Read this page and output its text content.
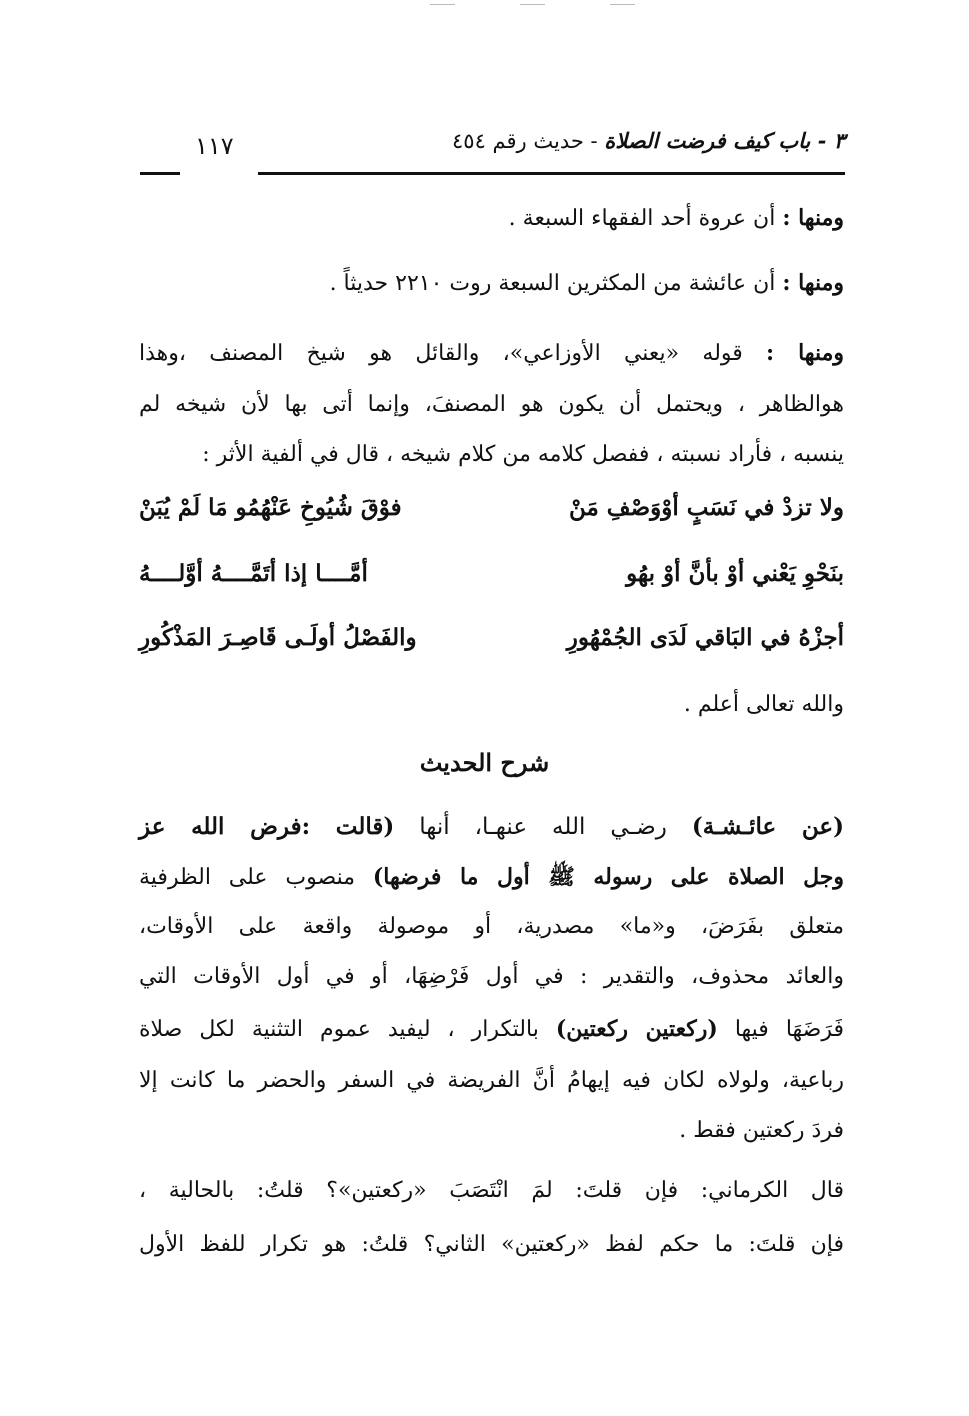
٣ - باب كيف فرضت الصلاة - حديث رقم ٤٥٤
١١٧
ومنها : أن عروة أحد الفقهاء السبعة .
ومنها : أن عائشة من المكثرين السبعة روت ٢٢١٠ حديثاً .
ومنها : قوله «يعني الأوزاعي»، والقائل هو شيخ المصنف ،وهذا
هوالظاهر ، ويحتمل أن يكون هو المصنفَ، وإنما أتى بها لأن شيخه لم
ينسبه ، فأراد نسبته ، ففصل كلامه من كلام شيخه ، قال في ألفية الأثر :
ولا تزدْ في نَسَبٍ أوْوَصْفِ مَنْ
فوْقَ شُيُوخِ عَنْهُمُو مَا لَمْ يُبَنْ
بنَحْوِ يَعْني أوْ بأنَّ أوْ بهُو
أمَّــــا إذا أتَمَّــــهُ أوَّلــــهُ
أجزْهُ في البَاقي لَدَى الجُمْهُورِ
والفَصْلُ أولَـى قَاصِـرَ المَذْكُورِ
والله تعالى أعلم .
شرح الحديث
(عن عائـشـة) رضـي الله عنهـا، أنها (قالت :فرض الله عز
وجل الصلاة على رسوله ﷺ أول ما فرضها) منصوب على الظرفية
متعلق بفَرَضَ، و«ما» مصدرية، أو موصولة واقعة على الأوقات،
والعائد محذوف، والتقدير : في أول فَرْضِهَا، أو في أول الأوقات التي
فَرَضَهَا فيها (ركعتين ركعتين) بالتكرار ، ليفيد عموم التثنية لكل صلاة
رباعية، ولولاه لكان فيه إيهامُ أنَّ الفريضة في السفر والحضر ما كانت إلا
فردَ ركعتين فقط .
قال الكرماني: فإن قلتَ: لمَ انْتَصَبَ «ركعتين»؟ قلتُ: بالحالية ،
فإن قلتَ: ما حكم لفظ «ركعتين» الثاني؟ قلتُ: هو تكرار للفظ الأول
